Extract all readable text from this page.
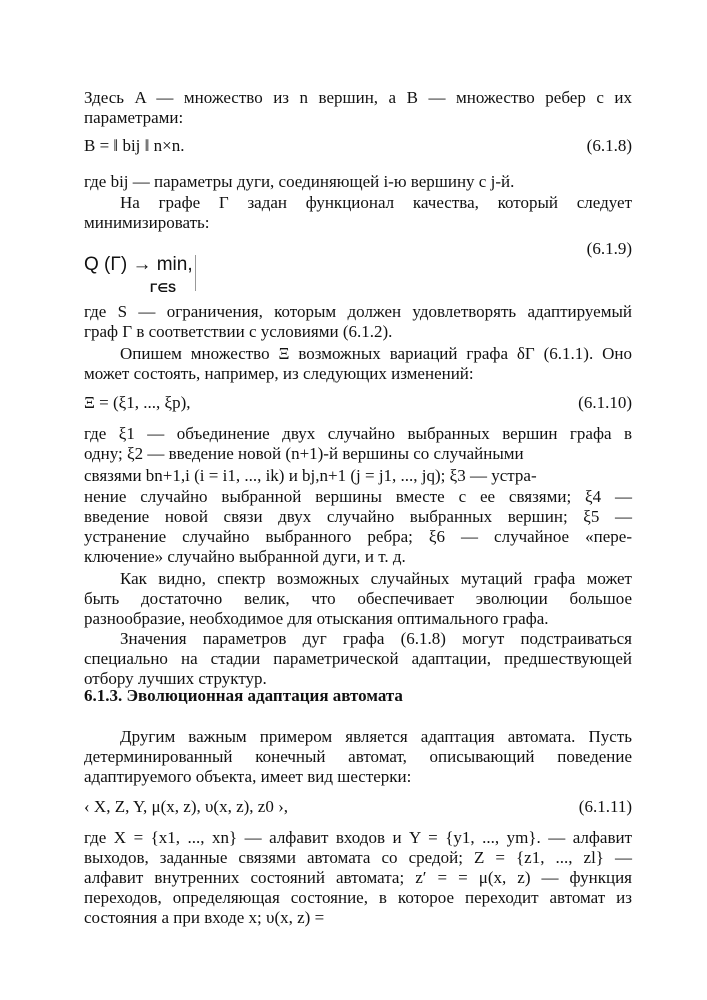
Здесь A — множество из n вершин, а B — множество ребер с их
параметрами:
B = ‖ bij ‖ n×n.	(6.1.8)
где bij — параметры дуги, соединяющей i-ю вершину с j-й.
На графе Γ задан функционал качества, который следует
минимизировать:
(6.1.9)
Q (Γ) → min,
Γ∈S
где S — ограничения, которым должен удовлетворять адаптируемый
граф Γ в соответствии с условиями (6.1.2).
Опишем множество Ξ возможных вариаций графа δΓ (6.1.1). Оно
может состоять, например, из следующих изменений:
Ξ = (ξ1, ..., ξp),	(6.1.10)
где ξ1 — объединение двух случайно выбранных вершин графа в
одну; ξ2 — введение новой (n+1)-й вершины со случайными
связями bn+1,i (i = i1, ..., ik) и bj,n+1 (j = j1, ..., jq); ξ3 — устра-
нение случайно выбранной вершины вместе с ее связями; ξ4 —
введение новой связи двух случайно выбранных вершин; ξ5 —
устранение случайно выбранного ребра; ξ6 — случайное «пере-
ключение» случайно выбранной дуги, и т. д.
Как видно, спектр возможных случайных мутаций графа может
быть достаточно велик, что обеспечивает эволюции большое
разнообразие, необходимое для отыскания оптимального графа.
Значения параметров дуг графа (6.1.8) могут подстраиваться
специально на стадии параметрической адаптации, предшествующей
отбору лучших структур.
6.1.3. Эволюционная адаптация автомата
Другим важным примером является адаптация автомата. Пусть
детерминированный конечный автомат, описывающий поведение
адаптируемого объекта, имеет вид шестерки:
‹ X, Z, Y, μ(x, z), υ(x, z), z0 ›,	(6.1.11)
где X = {x1, ..., xn} — алфавит входов и Y = {y1, ..., ym}. — алфавит
выходов, заданные связями автомата со средой; Z = {z1, ..., zl} —
алфавит внутренних состояний автомата; z′ = = μ(x, z) — функция
переходов, определяющая состояние, в которое переходит автомат из
состояния a при входе x; υ(x, z) =
